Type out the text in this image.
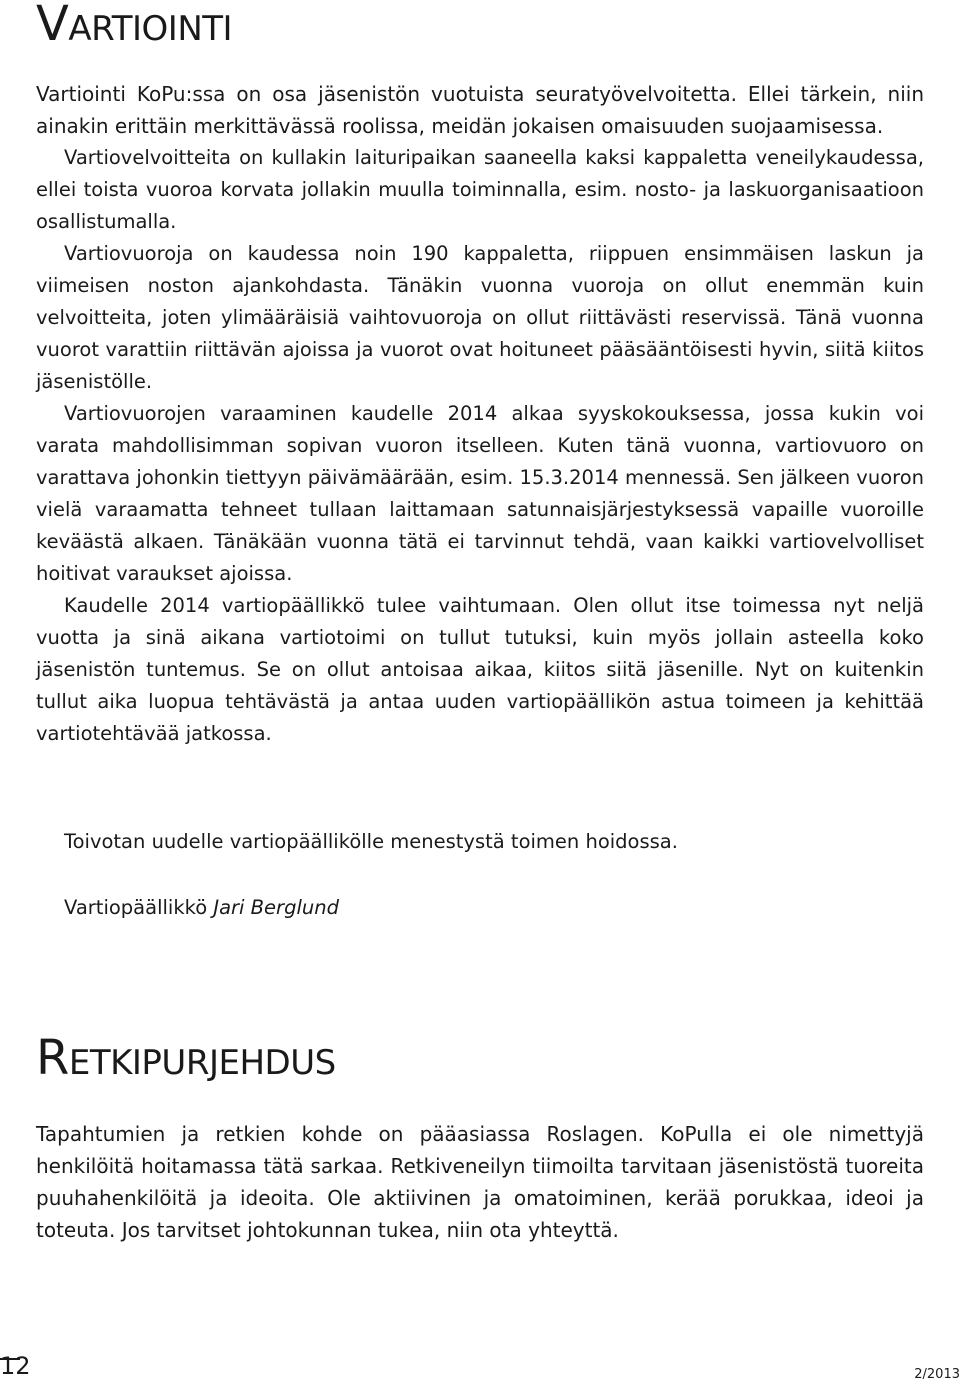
Vartiointi

Vartiointi KoPu:ssa on osa jäsenistön vuotuista seuratyövelvoitetta. Ellei tärkein, niin ainakin erittäin merkittävässä roolissa, meidän jokaisen omaisuuden suojaamisessa.

Vartiovelvoitteita on kullakin laituripaikan saaneella kaksi kappaletta veneilykaudessa, ellei toista vuoroa korvata jollakin muulla toiminnalla, esim. nosto- ja laskuorganisaatioon osallistumalla.

Vartiovuoroja on kaudessa noin 190 kappaletta, riippuen ensimmäisen laskun ja viimeisen noston ajankohdasta. Tänäkin vuonna vuoroja on ollut enemmän kuin velvoitteita, joten ylimääräisiä vaihtovuoroja on ollut riittävästi reservissä. Tänä vuonna vuorot varattiin riittävän ajoissa ja vuorot ovat hoituneet pääsääntöisesti hyvin, siitä kiitos jäsenistölle.

Vartiovuorojen varaaminen kaudelle 2014 alkaa syyskokouksessa, jossa kukin voi varata mahdollisimman sopivan vuoron itselleen. Kuten tänä vuonna, vartiovuoro on varattava johonkin tiettyyn päivämäärään, esim. 15.3.2014 mennessä. Sen jälkeen vuoron vielä varaamatta tehneet tullaan laittamaan satunnaisjärjestyksessä vapaille vuoroille keväästä alkaen. Tänäkään vuonna tätä ei tarvinnut tehdä, vaan kaikki vartiovelvolliset hoitivat varaukset ajoissa.

Kaudelle 2014 vartiopäällikkö tulee vaihtumaan. Olen ollut itse toimessa nyt neljä vuotta ja sinä aikana vartiotoimi on tullut tutuksi, kuin myös jollain asteella koko jäsenistön tuntemus. Se on ollut antoisaa aikaa, kiitos siitä jäsenille. Nyt on kuitenkin tullut aika luopua tehtävästä ja antaa uuden vartiopäällikön astua toimeen ja kehittää vartiotehtävää jatkossa.

Toivotan uudelle vartiopäällikölle menestystä toimen hoidossa.

Vartiopäällikkö Jari Berglund

Retkipurjehdus

Tapahtumien ja retkien kohde on pääasiassa Roslagen. KoPulla ei ole nimettyjä henkilöitä hoitamassa tätä sarkaa. Retkiveneilyn tiimoilta tarvitaan jäsenistöstä tuoreita puuhahenkilöitä ja ideoita. Ole aktiivinen ja omatoiminen, kerää porukkaa, ideoi ja toteuta. Jos tarvitset johtokunnan tukea, niin ota yhteyttä.

12	2/2013
